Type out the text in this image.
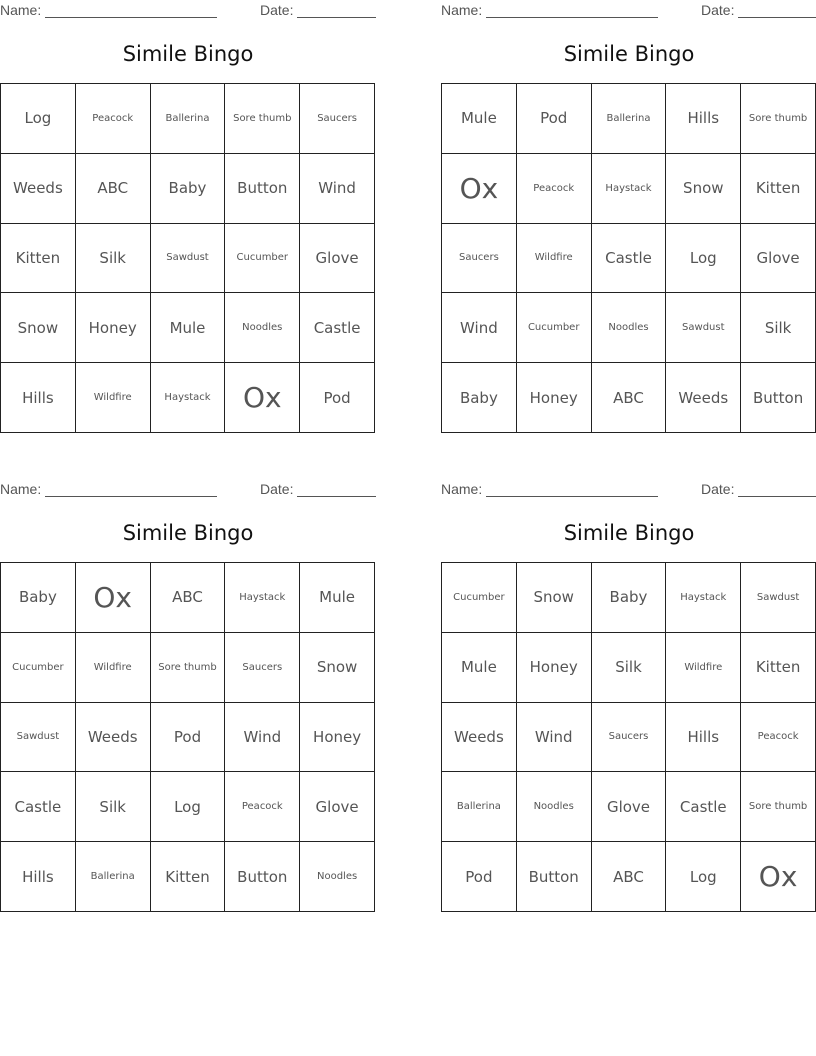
Name:	Date:
Simile Bingo
Log	Peacock	Ballerina	Sore thumb	Saucers
Weeds	ABC	Baby	Button	Wind
Kitten	Silk	Sawdust	Cucumber	Glove
Snow	Honey	Mule	Noodles	Castle
Hills	Wildfire	Haystack	Ox	Pod
Name:	Date:
Simile Bingo
Mule	Pod	Ballerina	Hills	Sore thumb
Ox	Peacock	Haystack	Snow	Kitten
Saucers	Wildfire	Castle	Log	Glove
Wind	Cucumber	Noodles	Sawdust	Silk
Baby	Honey	ABC	Weeds	Button
Name:	Date:
Simile Bingo
Baby	Ox	ABC	Haystack	Mule
Cucumber	Wildfire	Sore thumb	Saucers	Snow
Sawdust	Weeds	Pod	Wind	Honey
Castle	Silk	Log	Peacock	Glove
Hills	Ballerina	Kitten	Button	Noodles
Name:	Date:
Simile Bingo
Cucumber	Snow	Baby	Haystack	Sawdust
Mule	Honey	Silk	Wildfire	Kitten
Weeds	Wind	Saucers	Hills	Peacock
Ballerina	Noodles	Glove	Castle	Sore thumb
Pod	Button	ABC	Log	Ox
